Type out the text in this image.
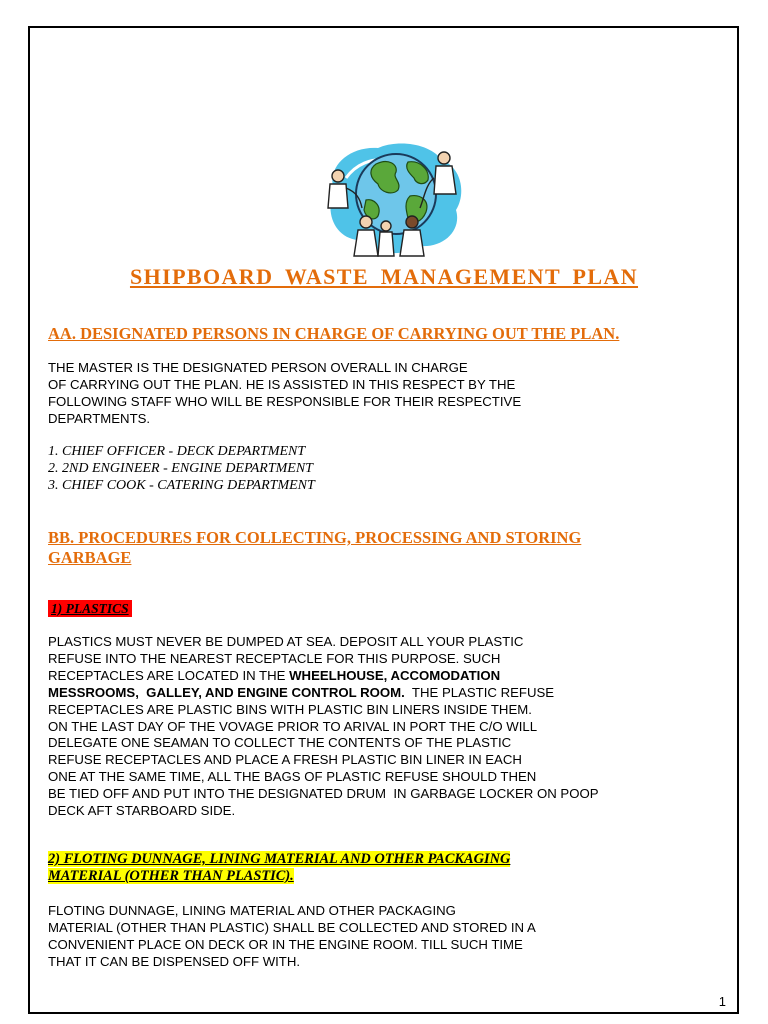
SHIPBOARD WASTE MANAGEMENT PLAN
AA. DESIGNATED PERSONS IN CHARGE OF CARRYING OUT THE PLAN.
THE MASTER IS THE DESIGNATED PERSON OVERALL IN CHARGE
OF CARRYING OUT THE PLAN. HE IS ASSISTED IN THIS RESPECT BY THE
FOLLOWING STAFF WHO WILL BE RESPONSIBLE FOR THEIR RESPECTIVE
DEPARTMENTS.
1. CHIEF OFFICER - DECK DEPARTMENT
2. 2ND ENGINEER - ENGINE DEPARTMENT
3. CHIEF COOK - CATERING DEPARTMENT
BB. PROCEDURES FOR COLLECTING, PROCESSING AND STORING
GARBAGE
1) PLASTICS
PLASTICS MUST NEVER BE DUMPED AT SEA. DEPOSIT ALL YOUR PLASTIC
REFUSE INTO THE NEAREST RECEPTACLE FOR THIS PURPOSE. SUCH
RECEPTACLES ARE LOCATED IN THE WHEELHOUSE, ACCOMODATION
MESSROOMS,  GALLEY, AND ENGINE CONTROL ROOM.  THE PLASTIC REFUSE
RECEPTACLES ARE PLASTIC BINS WITH PLASTIC BIN LINERS INSIDE THEM.
ON THE LAST DAY OF THE VOVAGE PRIOR TO ARIVAL IN PORT THE C/O WILL
DELEGATE ONE SEAMAN TO COLLECT THE CONTENTS OF THE PLASTIC
REFUSE RECEPTACLES AND PLACE A FRESH PLASTIC BIN LINER IN EACH
ONE AT THE SAME TIME, ALL THE BAGS OF PLASTIC REFUSE SHOULD THEN
BE TIED OFF AND PUT INTO THE DESIGNATED DRUM  IN GARBAGE LOCKER ON POOP
DECK AFT STARBOARD SIDE.
2) FLOTING DUNNAGE, LINING MATERIAL AND OTHER PACKAGING
MATERIAL (OTHER THAN PLASTIC).
FLOTING DUNNAGE, LINING MATERIAL AND OTHER PACKAGING
MATERIAL (OTHER THAN PLASTIC) SHALL BE COLLECTED AND STORED IN A
CONVENIENT PLACE ON DECK OR IN THE ENGINE ROOM. TILL SUCH TIME
THAT IT CAN BE DISPENSED OFF WITH.
1
